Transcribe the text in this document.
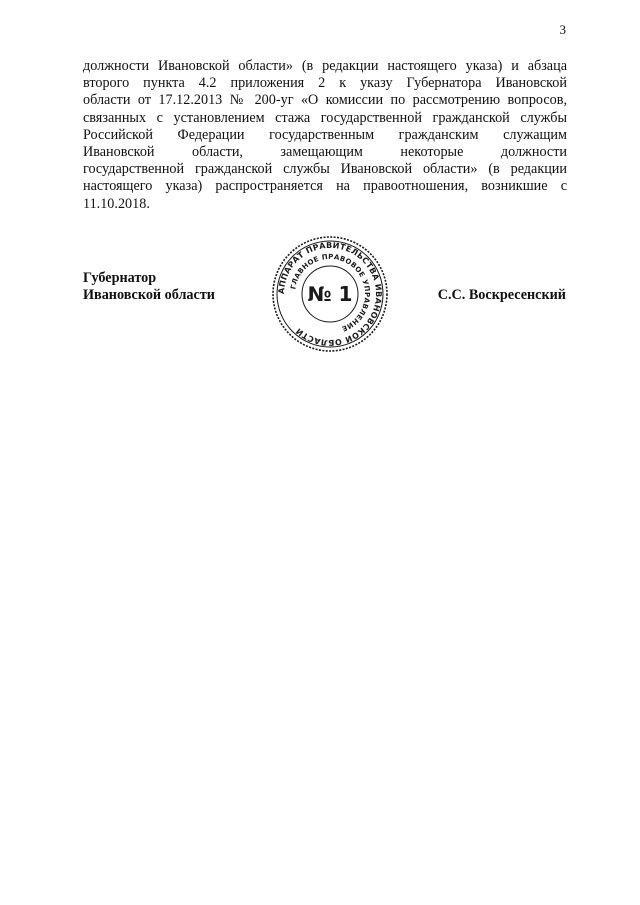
3

должности Ивановской области» (в редакции настоящего указа) и абзаца
второго пункта 4.2 приложения 2 к указу Губернатора Ивановской
области от 17.12.2013 № 200-уг «О комиссии по рассмотрению вопросов,
связанных с установлением стажа государственной гражданской службы
Российской Федерации государственным гражданским служащим
Ивановской области, замещающим некоторые должности
государственной гражданской службы Ивановской области» (в редакции
настоящего указа) распространяется на правоотношения, возникшие с
11.10.2018.

Губернатор
Ивановской области	С.С. Воскресенский
АППАРАТ ПРАВИТЕЛЬСТВА ИВАНОВСКОЙ ОБЛАСТИ
ГЛАВНОЕ ПРАВОВОЕ УПРАВЛЕНИЕ
№ 1
